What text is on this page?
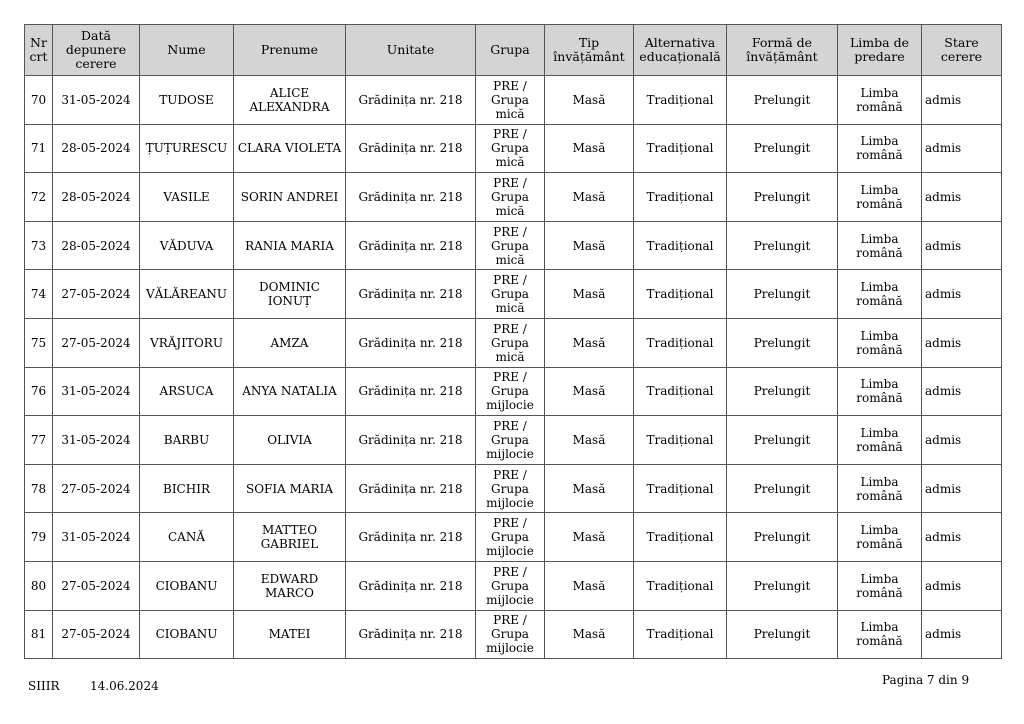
Nr crt	Dată depunere cerere	Nume	Prenume	Unitate	Grupa	Tip învățământ	Alternativa educațională	Formă de învățământ	Limba de predare	Stare cerere
70	31-05-2024	TUDOSE	ALICE ALEXANDRA	Grădinița nr. 218	PRE / Grupa mică	Masă	Tradițional	Prelungit	Limba română	admis
71	28-05-2024	ȚUȚURESCU	CLARA VIOLETA	Grădinița nr. 218	PRE / Grupa mică	Masă	Tradițional	Prelungit	Limba română	admis
72	28-05-2024	VASILE	SORIN ANDREI	Grădinița nr. 218	PRE / Grupa mică	Masă	Tradițional	Prelungit	Limba română	admis
73	28-05-2024	VĂDUVA	RANIA MARIA	Grădinița nr. 218	PRE / Grupa mică	Masă	Tradițional	Prelungit	Limba română	admis
74	27-05-2024	VĂLĂREANU	DOMINIC IONUȚ	Grădinița nr. 218	PRE / Grupa mică	Masă	Tradițional	Prelungit	Limba română	admis
75	27-05-2024	VRĂJITORU	AMZA	Grădinița nr. 218	PRE / Grupa mică	Masă	Tradițional	Prelungit	Limba română	admis
76	31-05-2024	ARSUCA	ANYA NATALIA	Grădinița nr. 218	PRE / Grupa mijlocie	Masă	Tradițional	Prelungit	Limba română	admis
77	31-05-2024	BARBU	OLIVIA	Grădinița nr. 218	PRE / Grupa mijlocie	Masă	Tradițional	Prelungit	Limba română	admis
78	27-05-2024	BICHIR	SOFIA MARIA	Grădinița nr. 218	PRE / Grupa mijlocie	Masă	Tradițional	Prelungit	Limba română	admis
79	31-05-2024	CANĂ	MATTEO GABRIEL	Grădinița nr. 218	PRE / Grupa mijlocie	Masă	Tradițional	Prelungit	Limba română	admis
80	27-05-2024	CIOBANU	EDWARD MARCO	Grădinița nr. 218	PRE / Grupa mijlocie	Masă	Tradițional	Prelungit	Limba română	admis
81	27-05-2024	CIOBANU	MATEI	Grădinița nr. 218	PRE / Grupa mijlocie	Masă	Tradițional	Prelungit	Limba română	admis
SIIIR	14.06.2024	Pagina 7 din 9
